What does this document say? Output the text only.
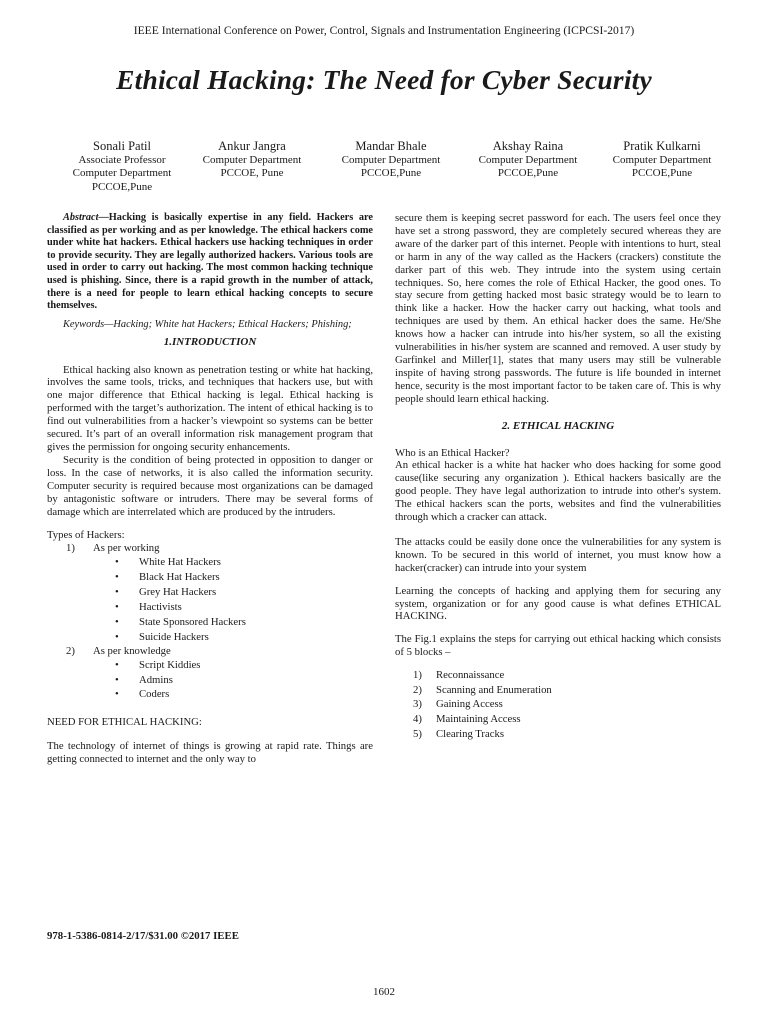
IEEE International Conference on Power, Control, Signals and Instrumentation Engineering (ICPCSI-2017)
Ethical Hacking: The Need for Cyber Security
Sonali Patil
Associate Professor
Computer Department
PCCOE,Pune
Ankur Jangra
Computer Department
PCCOE, Pune
Mandar Bhale
Computer Department
PCCOE,Pune
Akshay Raina
Computer Department
PCCOE,Pune
Pratik Kulkarni
Computer Department
PCCOE,Pune

Abstract—Hacking is basically expertise in any field. Hackers are classified as per working and as per knowledge. The ethical hackers come under white hat hackers. Ethical hackers use hacking techniques in order to provide security. They are legally authorized hackers. Various tools are used in order to carry out hacking. The most common hacking technique used is phishing. Since, there is a rapid growth in the number of attack, there is a need for people to learn ethical hacking concepts to secure themselves.

Keywords—Hacking; White hat Hackers; Ethical Hackers; Phishing;

1.INTRODUCTION

Ethical hacking also known as penetration testing or white hat hacking, involves the same tools, tricks, and techniques that hackers use, but with one major difference that Ethical hacking is legal. Ethical hacking is performed with the target’s authorization. The intent of ethical hacking is to find out vulnerabilities from a hacker’s viewpoint so systems can be better secured. It’s part of an overall information risk management program that gives the permission for ongoing security enhancements.

Security is the condition of being protected in opposition to danger or loss. In the case of networks, it is also called the information security. Computer security is required because most organizations can be damaged by antagonistic software or intruders. There may be several forms of damage which are interrelated which are produced by the intruders.

Types of Hackers:

1) As per working
• White Hat Hackers
• Black Hat Hackers
• Grey Hat Hackers
• Hactivists
• State Sponsored Hackers
• Suicide Hackers
2) As per knowledge
• Script Kiddies
• Admins
• Coders

NEED FOR ETHICAL HACKING:

The technology of internet of things is growing at rapid rate. Things are getting connected to internet and the only way to

secure them is keeping secret password for each. The users feel once they have set a strong password, they are completely secured whereas they are aware of the darker part of this internet. People with intentions to hurt, steal or harm in any of the way called as the Hackers (crackers) constitute the darker part of this web. They intrude into the system using certain techniques. So, here comes the role of Ethical Hacker, the good ones. To stay secure from getting hacked most basic strategy would be to learn to think like a hacker. How the hacker carry out hacking, what tools and techniques are used by them. An ethical hacker does the same. He/She knows how a hacker can intrude into his/her system, so all the existing vulnerabilities in his/her system are scanned and removed. A user study by Garfinkel and Miller[1], states that many users may still be vulnerable inspite of having strong passwords. The future is life bounded in internet hence, security is the most important factor to be taken care of. This is why people should learn ethical hacking.

2. ETHICAL HACKING

Who is an Ethical Hacker?

An ethical hacker is a white hat hacker who does hacking for some good cause(like securing any organization ). Ethical hackers basically are the good people. They have legal authorization to intrude into other's system. The ethical hackers scan the ports, websites and find the vulnerabilities through which a cracker can attack.

The attacks could be easily done once the vulnerabilities for any system is known. To be secured in this world of internet, you must know how a hacker(cracker) can intrude into your system

Learning the concepts of hacking and applying them for securing any system, organization or for any good cause is what defines ETHICAL HACKING.

The Fig.1 explains the steps for carrying out ethical hacking which consists of 5 blocks –

1) Reconnaissance
2) Scanning and Enumeration
3) Gaining Access
4) Maintaining Access
5) Clearing Tracks
978-1-5386-0814-2/17/$31.00 ©2017 IEEE
1602
